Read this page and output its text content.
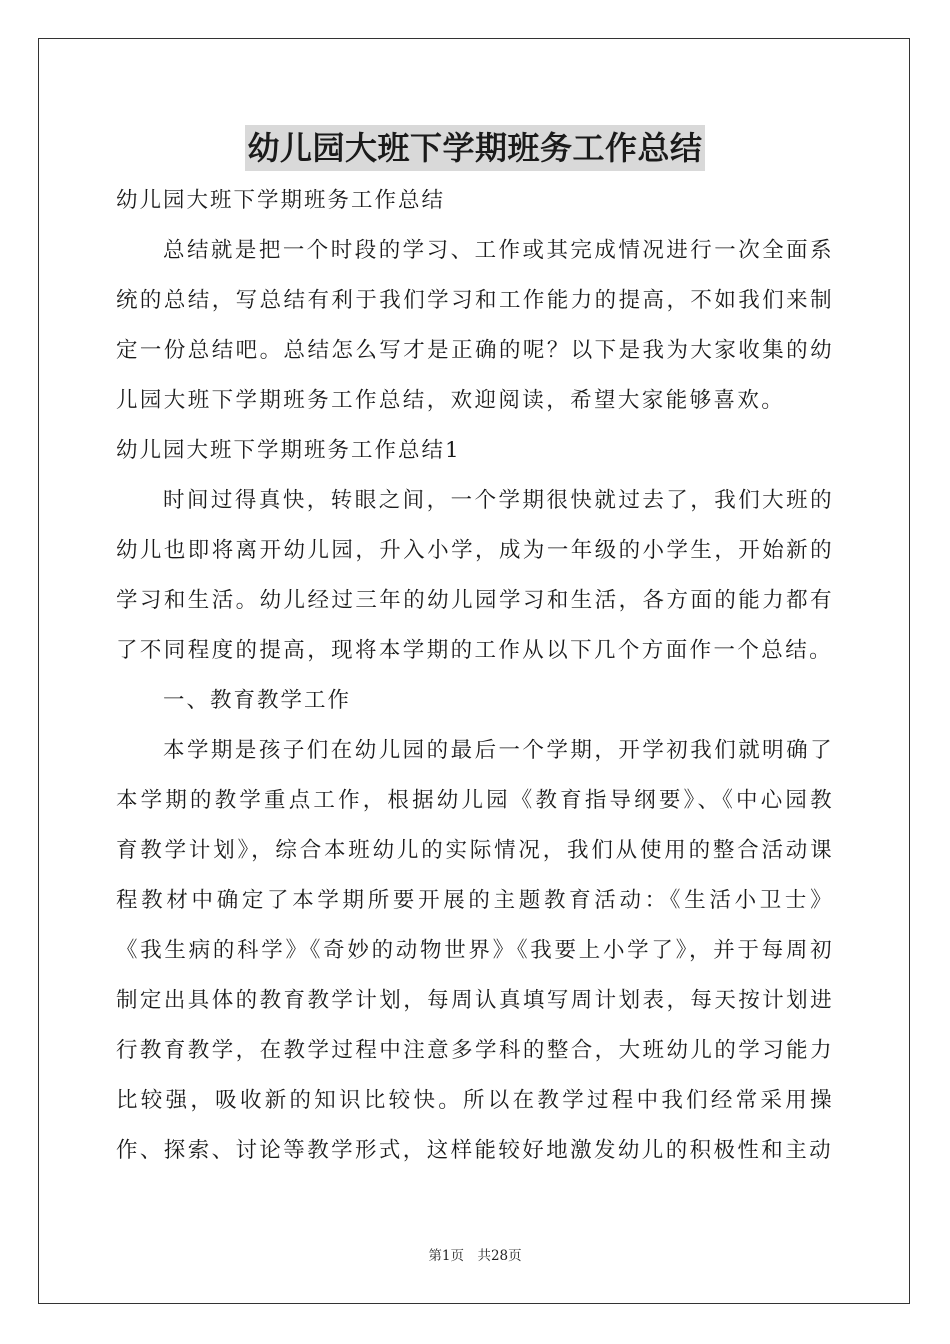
幼儿园大班下学期班务工作总结

幼儿园大班下学期班务工作总结

总结就是把一个时段的学习、工作或其完成情况进行一次全面系统的总结，写总结有利于我们学习和工作能力的提高，不如我们来制定一份总结吧。总结怎么写才是正确的呢？以下是我为大家收集的幼儿园大班下学期班务工作总结，欢迎阅读，希望大家能够喜欢。

幼儿园大班下学期班务工作总结1

时间过得真快，转眼之间，一个学期很快就过去了，我们大班的幼儿也即将离开幼儿园，升入小学，成为一年级的小学生，开始新的学习和生活。幼儿经过三年的幼儿园学习和生活，各方面的能力都有了不同程度的提高，现将本学期的工作从以下几个方面作一个总结。

一、教育教学工作

本学期是孩子们在幼儿园的最后一个学期，开学初我们就明确了本学期的教学重点工作，根据幼儿园《教育指导纲要》、《中心园教育教学计划》，综合本班幼儿的实际情况，我们从使用的整合活动课程教材中确定了本学期所要开展的主题教育活动：《生活小卫士》《我生病的科学》《奇妙的动物世界》《我要上小学了》，并于每周初制定出具体的教育教学计划，每周认真填写周计划表，每天按计划进行教育教学，在教学过程中注意多学科的整合，大班幼儿的学习能力比较强，吸收新的知识比较快。所以在教学过程中我们经常采用操作、探索、讨论等教学形式，这样能较好地激发幼儿的积极性和主动

第1页　共28页
